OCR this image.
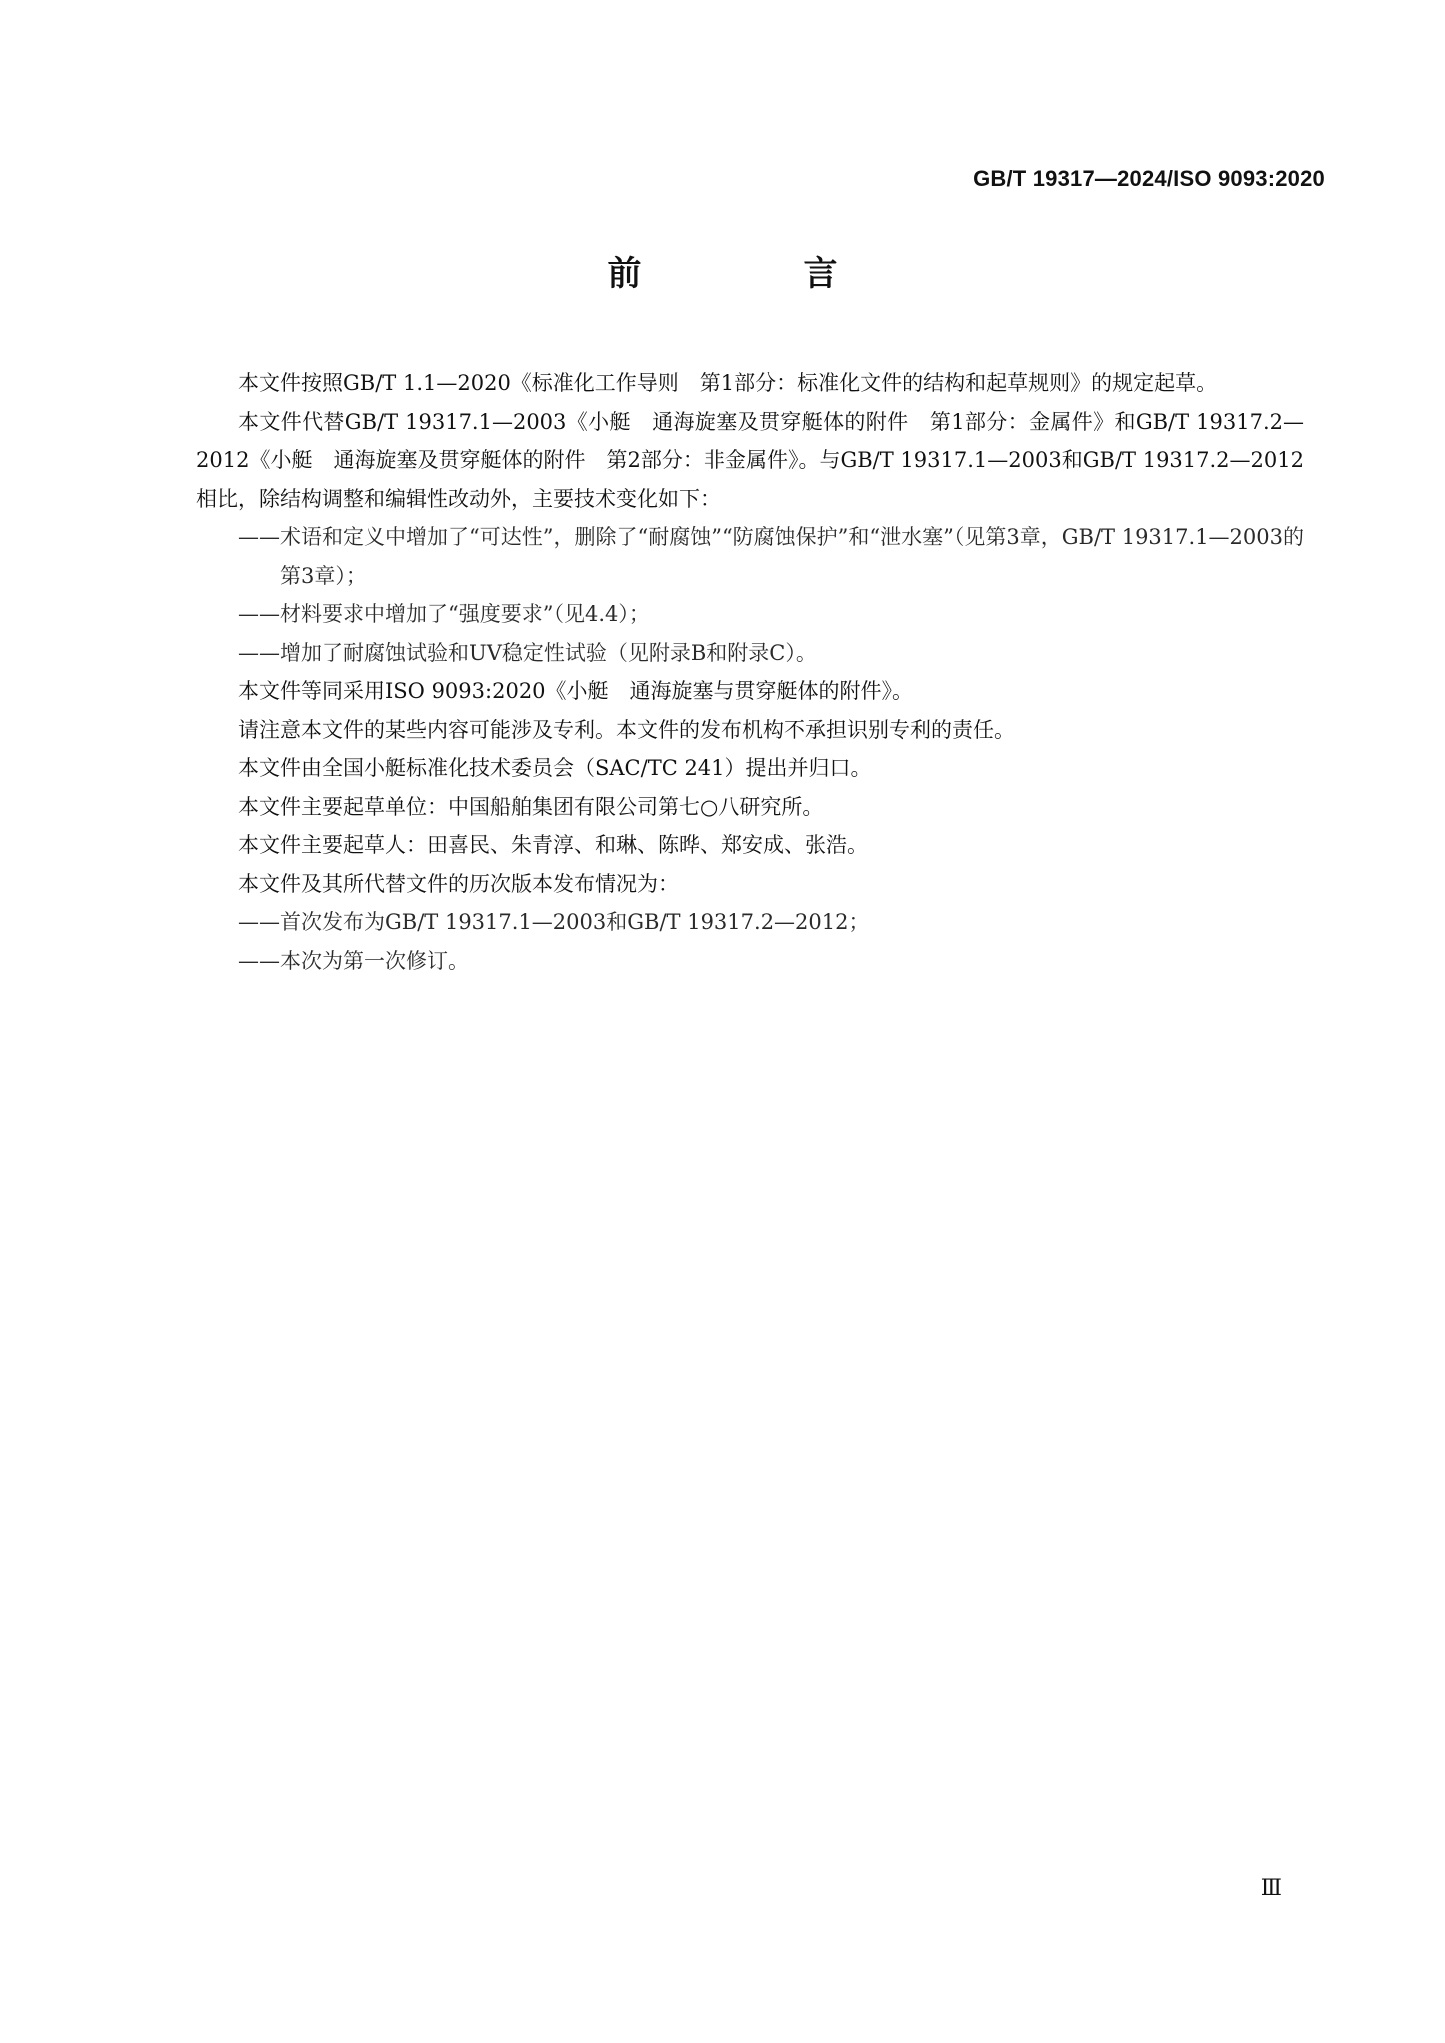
GB/T 19317—2024/ISO 9093:2020
前　言

本文件按照GB/T 1.1—2020《标准化工作导则　第1部分：标准化文件的结构和起草规则》的规定起草。

本文件代替GB/T 19317.1—2003《小艇　通海旋塞及贯穿艇体的附件　第1部分：金属件》和GB/T 19317.2—2012《小艇　通海旋塞及贯穿艇体的附件　第2部分：非金属件》。与GB/T 19317.1—2003和GB/T 19317.2—2012相比，除结构调整和编辑性改动外，主要技术变化如下：

——术语和定义中增加了“可达性”，删除了“耐腐蚀”“防腐蚀保护”和“泄水塞”（见第3章，GB/T 19317.1—2003的第3章）；

——材料要求中增加了“强度要求”（见4.4）；

——增加了耐腐蚀试验和UV稳定性试验（见附录B和附录C）。

本文件等同采用ISO 9093:2020《小艇　通海旋塞与贯穿艇体的附件》。

请注意本文件的某些内容可能涉及专利。本文件的发布机构不承担识别专利的责任。

本文件由全国小艇标准化技术委员会（SAC/TC 241）提出并归口。

本文件主要起草单位：中国船舶集团有限公司第七○八研究所。

本文件主要起草人：田喜民、朱青淳、和琳、陈晔、郑安成、张浩。

本文件及其所代替文件的历次版本发布情况为：

——首次发布为GB/T 19317.1—2003和GB/T 19317.2—2012；

——本次为第一次修订。

Ⅲ
